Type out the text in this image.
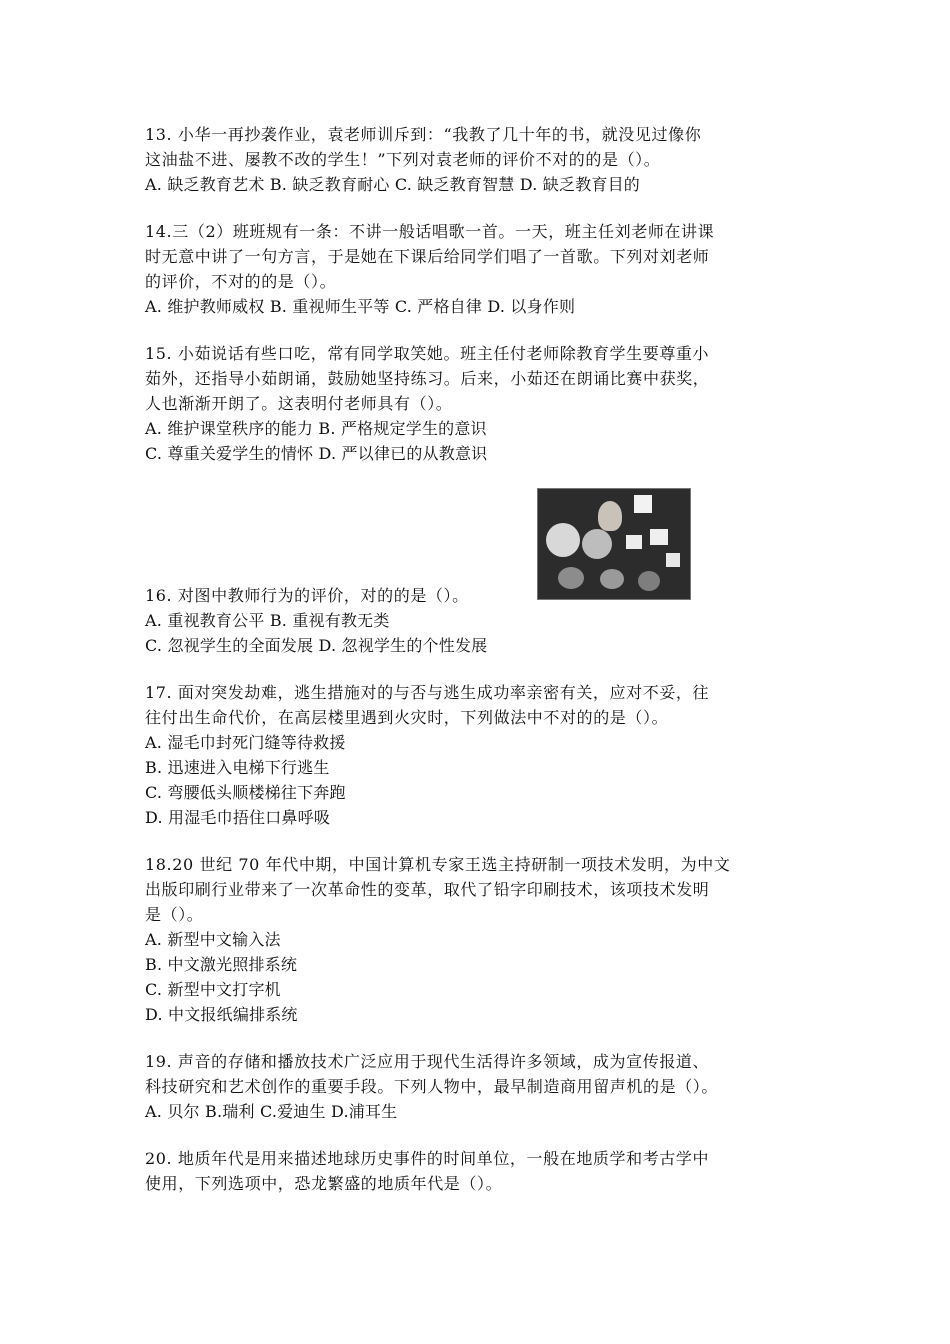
13. 小华一再抄袭作业，袁老师训斥到：“我教了几十年的书，就没见过像你
这油盐不进、屡教不改的学生！”下列对袁老师的评价不对的的是（）。
A. 缺乏教育艺术 B. 缺乏教育耐心 C. 缺乏教育智慧 D. 缺乏教育目的
14.三（2）班班规有一条：不讲一般话唱歌一首。一天，班主任刘老师在讲课
时无意中讲了一句方言，于是她在下课后给同学们唱了一首歌。下列对刘老师
的评价，不对的的是（）。
A. 维护教师威权 B. 重视师生平等 C. 严格自律 D. 以身作则
15. 小茹说话有些口吃，常有同学取笑她。班主任付老师除教育学生要尊重小
茹外，还指导小茹朗诵，鼓励她坚持练习。后来，小茹还在朗诵比赛中获奖，
人也渐渐开朗了。这表明付老师具有（）。
A. 维护课堂秩序的能力 B. 严格规定学生的意识
C. 尊重关爱学生的情怀 D. 严以律已的从教意识
16. 对图中教师行为的评价，对的的是（）。
A. 重视教育公平 B. 重视有教无类
C. 忽视学生的全面发展 D. 忽视学生的个性发展
17. 面对突发劫难，逃生措施对的与否与逃生成功率亲密有关，应对不妥，往
往付出生命代价，在高层楼里遇到火灾时，下列做法中不对的的是（）。
A. 湿毛巾封死门缝等待救援
B. 迅速进入电梯下行逃生
C. 弯腰低头顺楼梯往下奔跑
D. 用湿毛巾捂住口鼻呼吸
18.20 世纪 70 年代中期，中国计算机专家王选主持研制一项技术发明，为中文
出版印刷行业带来了一次革命性的变革，取代了铅字印刷技术，该项技术发明
是（）。
A. 新型中文输入法
B. 中文激光照排系统
C. 新型中文打字机
D. 中文报纸编排系统
19. 声音的存储和播放技术广泛应用于现代生活得许多领域，成为宣传报道、
科技研究和艺术创作的重要手段。下列人物中，最早制造商用留声机的是（）。
A. 贝尔 B.瑞利 C.爱迪生 D.浦耳生
20. 地质年代是用来描述地球历史事件的时间单位，一般在地质学和考古学中
使用，下列选项中，恐龙繁盛的地质年代是（）。
